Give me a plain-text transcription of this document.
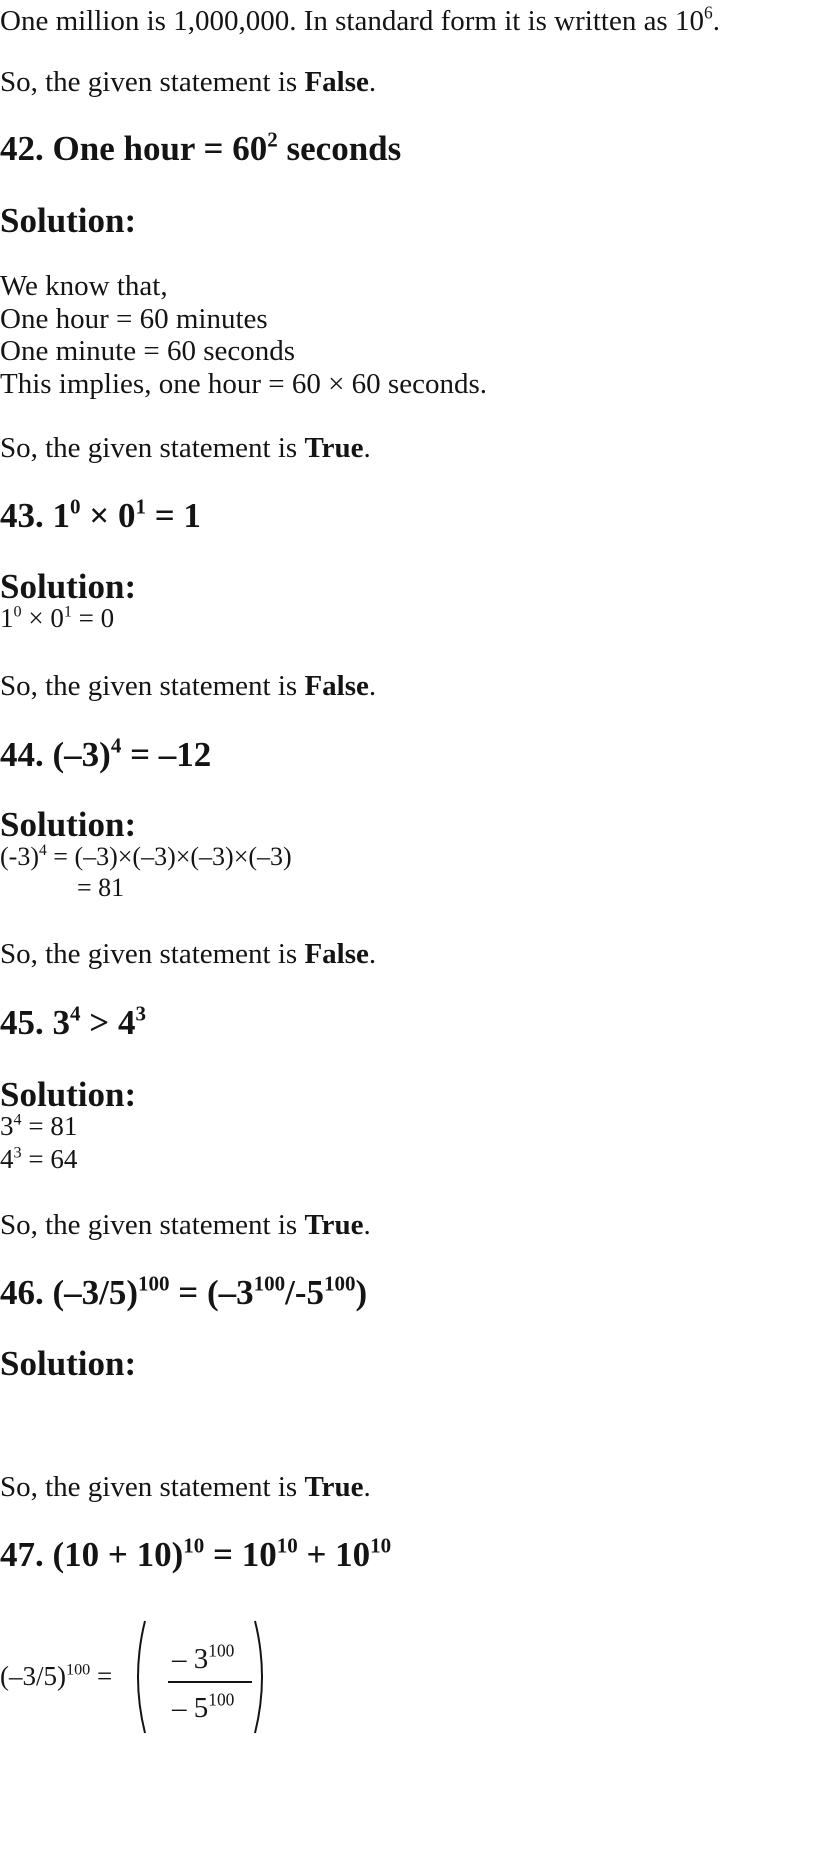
One million is 1,000,000. In standard form it is written as $10^6$.
So, the given statement is False.
42. One hour = $60^2$ seconds
Solution:
We know that,
One hour = 60 minutes
One minute = 60 seconds
This implies, one hour = 60 × 60 seconds.
So, the given statement is True.
43. $1^0 \times 0^1 = 1$
Solution:
$1^0 \times 0^1 = 0$
So, the given statement is False.
44. $(-3)^4 = -12$
Solution:
$(-3)^4 = (-3)\times(-3)\times(-3)\times(-3)$
= 81
So, the given statement is False.
45. $3^4 > 4^3$
Solution:
$3^4 = 81$
$4^3 = 64$
So, the given statement is True.
46. $(-3/5)^{100} = (-3^{100}/-5^{100})$
Solution:
$(-3/5)^{100}$ =
– $3^{100}$
– $5^{100}$
So, the given statement is True.
47. $(10 + 10)^{10} = 10^{10} + 10^{10}$
